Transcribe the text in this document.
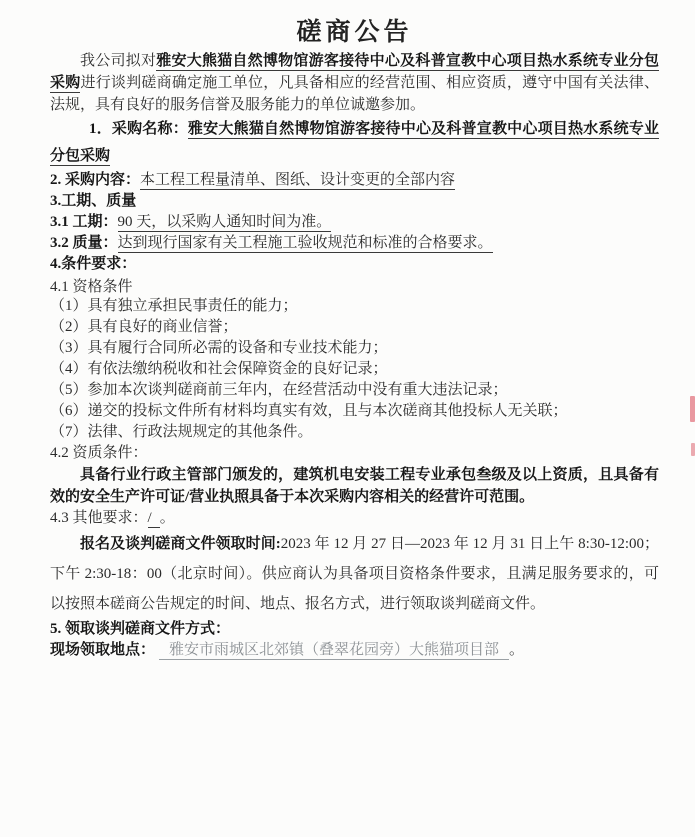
磋商公告

我公司拟对雅安大熊猫自然博物馆游客接待中心及科普宣教中心项目热水系统专业分包采购进行谈判磋商确定施工单位，凡具备相应的经营范围、相应资质，遵守中国有关法律、法规，具有良好的服务信誉及服务能力的单位诚邀参加。

1．采购名称：雅安大熊猫自然博物馆游客接待中心及科普宣教中心项目热水系统专业分包采购

2. 采购内容：本工程工程量清单、图纸、设计变更的全部内容

3.工期、质量

3.1 工期：90 天，以采购人通知时间为准。

3.2 质量：达到现行国家有关工程施工验收规范和标准的合格要求。

4.条件要求：

4.1 资格条件

（1）具有独立承担民事责任的能力；

（2）具有良好的商业信誉；

（3）具有履行合同所必需的设备和专业技术能力；

（4）有依法缴纳税收和社会保障资金的良好记录；

（5）参加本次谈判磋商前三年内，在经营活动中没有重大违法记录；

（6）递交的投标文件所有材料均真实有效，且与本次磋商其他投标人无关联；

（7）法律、行政法规规定的其他条件。

4.2 资质条件：

具备行业行政主管部门颁发的，建筑机电安装工程专业承包叁级及以上资质，且具备有效的安全生产许可证/营业执照具备于本次采购内容相关的经营许可范围。

4.3 其他要求：/ 。

报名及谈判磋商文件领取时间:2023 年 12 月 27 日—2023 年 12 月 31 日上午 8:30-12:00；下午 2:30-18：00（北京时间）。供应商认为具备项目资格条件要求，且满足服务要求的，可以按照本磋商公告规定的时间、地点、报名方式，进行领取谈判磋商文件。

5. 领取谈判磋商文件方式：

现场领取地点： 雅安市雨城区北郊镇（叠翠花园旁）大熊猫项目部 。
